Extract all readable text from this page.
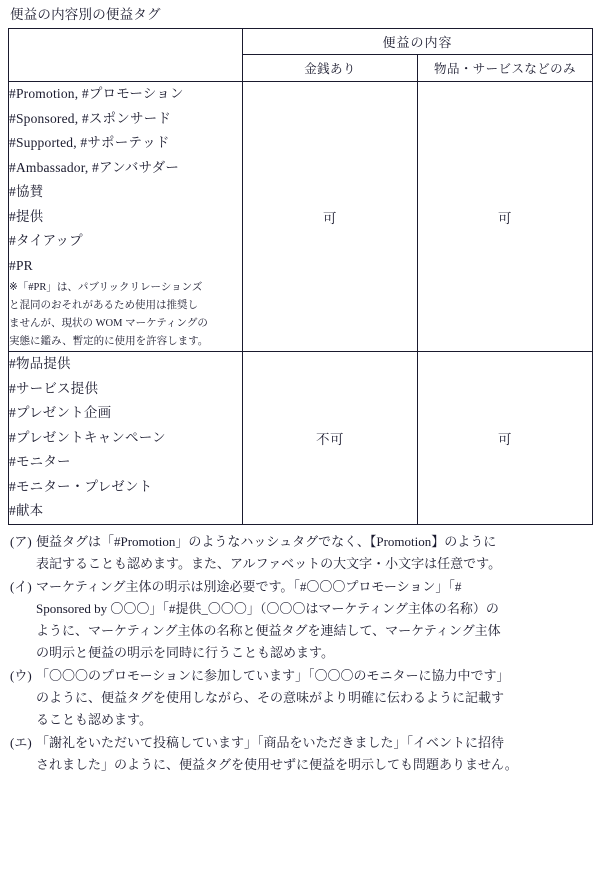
便益の内容別の便益タグ
	便益の内容	
	金銭あり	物品・サービスなどのみ

#Promotion, #プロモーション
#Sponsored, #スポンサード
#Supported, #サポーテッド
#Ambassador, #アンバサダー
#協賛
#提供
#タイアップ
#PR
※「#PR」は、パブリックリレーションズ
と混同のおそれがあるため使用は推奨し
ませんが、現状の WOM マーケティングの
実態に鑑み、暫定的に使用を許容します。
	可	可

#物品提供
#サービス提供
#プレゼント企画
#プレゼントキャンペーン
#モニター
#モニター・プレゼント
#献本
	不可	可
(ア) 便益タグは「#Promotion」のようなハッシュタグでなく、【Promotion】のように
表記することも認めます。また、アルファベットの大文字・小文字は任意です。
(イ) マーケティング主体の明示は別途必要です。「#〇〇〇プロモーション」「#
Sponsored by 〇〇〇」「#提供_〇〇〇」（〇〇〇はマーケティング主体の名称）の
ように、マーケティング主体の名称と便益タグを連結して、マーケティング主体
の明示と便益の明示を同時に行うことも認めます。
(ウ) 「〇〇〇のプロモーションに参加しています」「〇〇〇のモニターに協力中です」
のように、便益タグを使用しながら、その意味がより明確に伝わるように記載す
ることも認めます。
(エ) 「謝礼をいただいて投稿しています」「商品をいただきました」「イベントに招待
されました」のように、便益タグを使用せずに便益を明示しても問題ありません。
